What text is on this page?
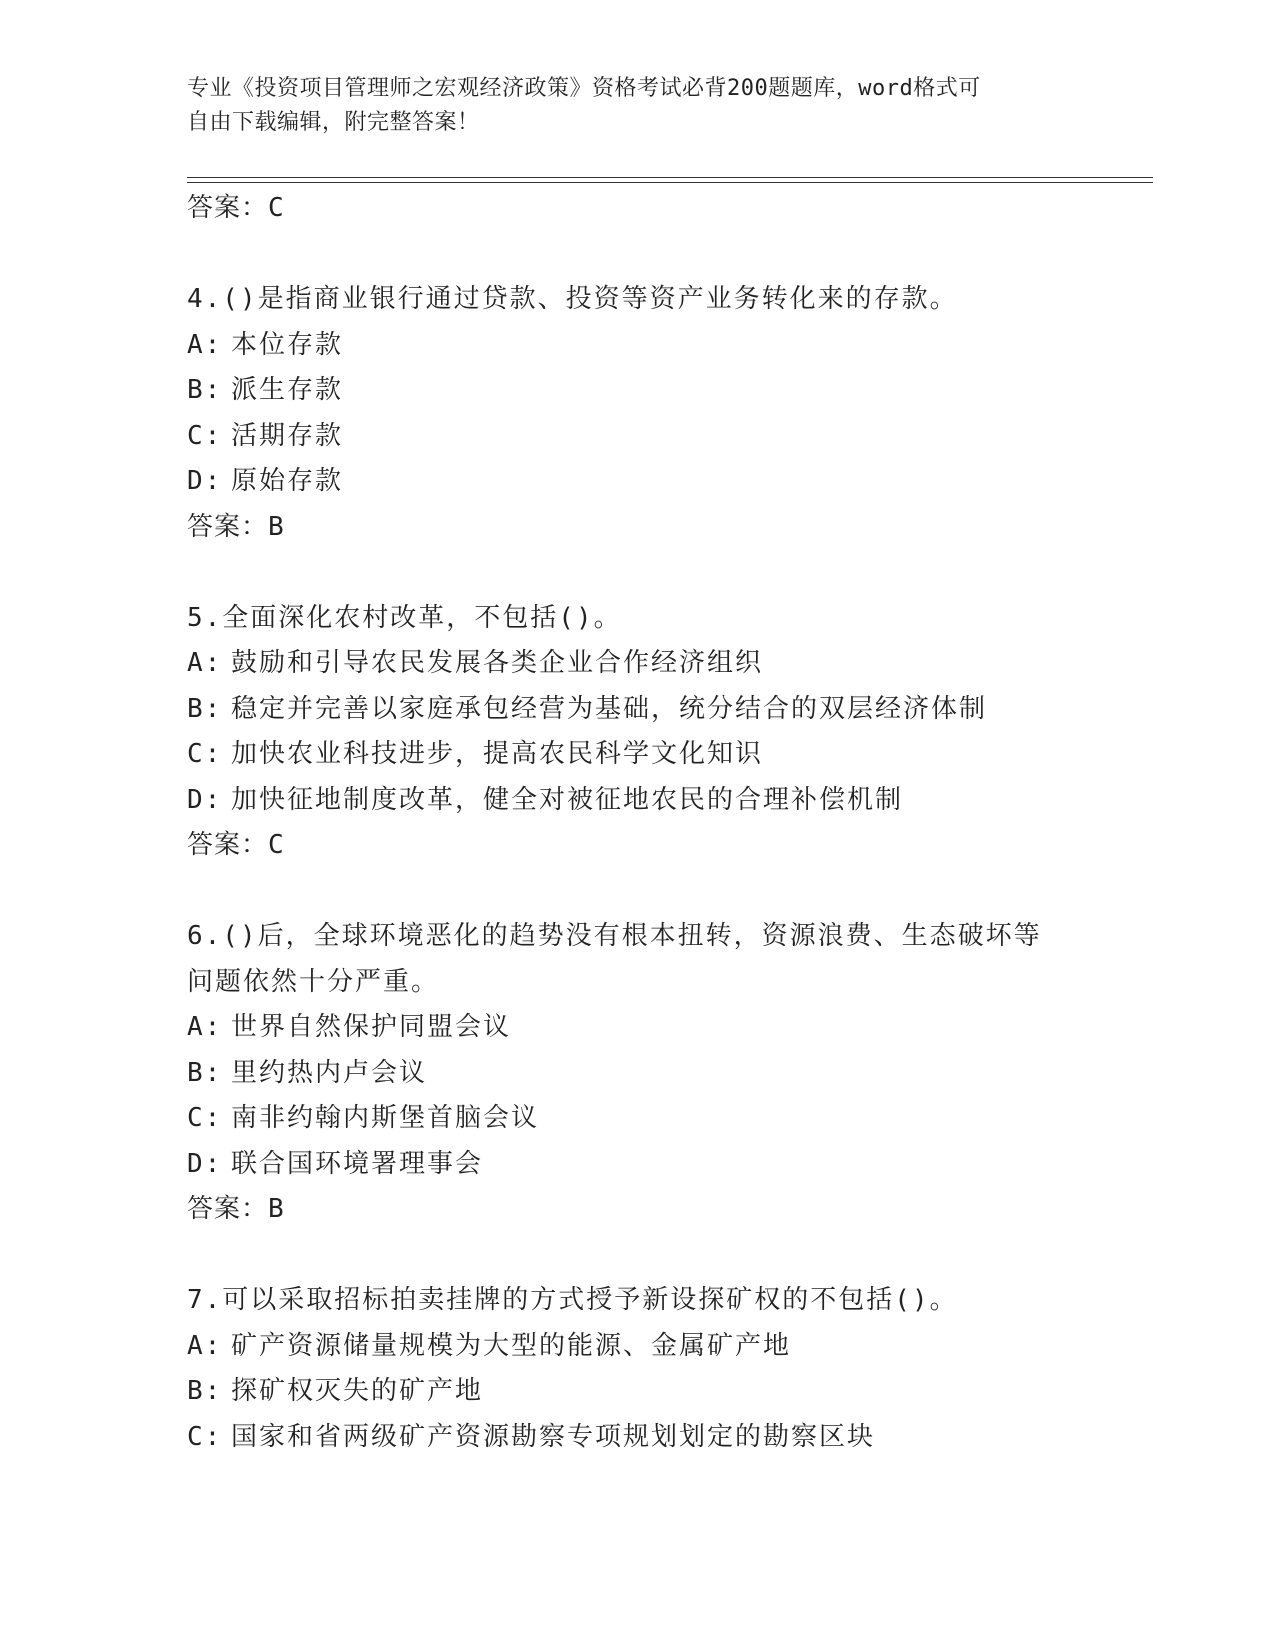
专业《投资项目管理师之宏观经济政策》资格考试必背200题题库，word格式可
自由下载编辑，附完整答案！
答案：C
4.()是指商业银行通过贷款、投资等资产业务转化来的存款。
A: 本位存款
B: 派生存款
C: 活期存款
D: 原始存款
答案：B
5.全面深化农村改革，不包括()。
A: 鼓励和引导农民发展各类企业合作经济组织
B: 稳定并完善以家庭承包经营为基础，统分结合的双层经济体制
C: 加快农业科技进步，提高农民科学文化知识
D: 加快征地制度改革，健全对被征地农民的合理补偿机制
答案：C
6.()后，全球环境恶化的趋势没有根本扭转，资源浪费、生态破坏等
问题依然十分严重。
A: 世界自然保护同盟会议
B: 里约热内卢会议
C: 南非约翰内斯堡首脑会议
D: 联合国环境署理事会
答案：B
7.可以采取招标拍卖挂牌的方式授予新设探矿权的不包括()。
A: 矿产资源储量规模为大型的能源、金属矿产地
B: 探矿权灭失的矿产地
C: 国家和省两级矿产资源勘察专项规划划定的勘察区块
